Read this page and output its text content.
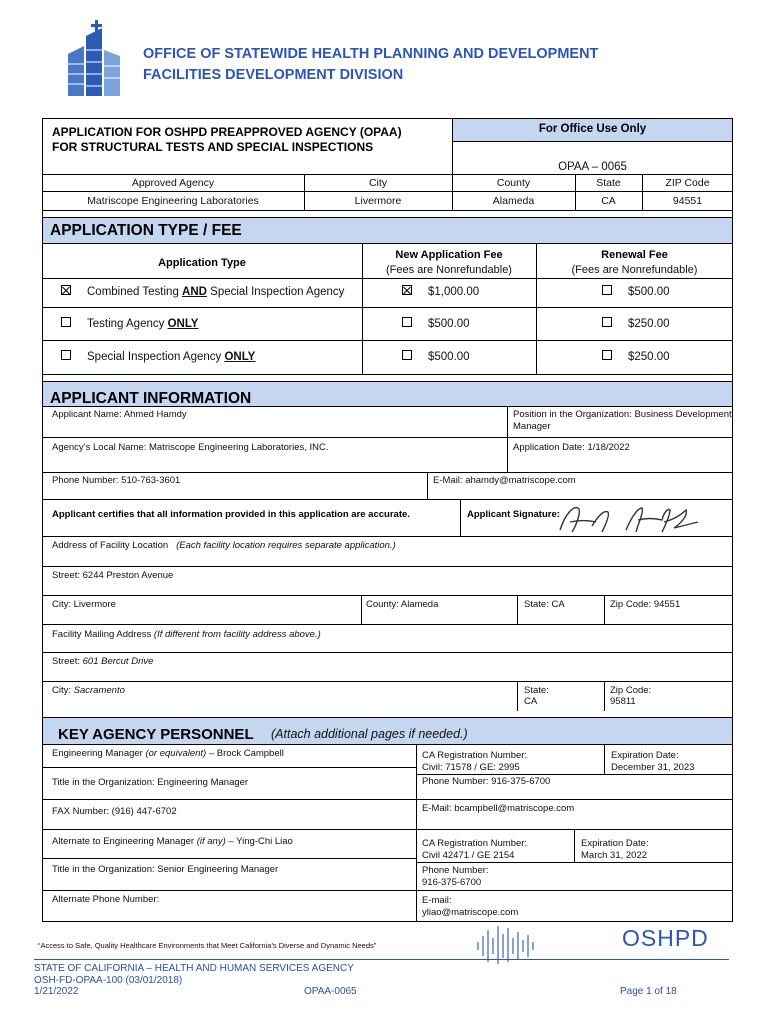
OFFICE OF STATEWIDE HEALTH PLANNING AND DEVELOPMENT
FACILITIES DEVELOPMENT DIVISION
APPLICATION FOR OSHPD PREAPPROVED AGENCY (OPAA)
FOR STRUCTURAL TESTS AND SPECIAL INSPECTIONS
For Office Use Only
OPAA – 0065
Approved Agency	City	County	State	ZIP Code
Matriscope Engineering Laboratories	Livermore	Alameda	CA	94551
APPLICATION TYPE / FEE
Application Type
New Application Fee
(Fees are Nonrefundable)
Renewal Fee
(Fees are Nonrefundable)
Combined Testing AND Special Inspection Agency	$1,000.00	$500.00
Testing Agency ONLY	$500.00	$250.00
Special Inspection Agency ONLY	$500.00	$250.00
APPLICANT INFORMATION
Applicant Name: Ahmed Hamdy	Position in the Organization: Business Development
Manager
Agency’s Local Name: Matriscope Engineering Laboratories, INC.	Application Date: 1/18/2022
Phone Number: 510-763-3601	E-Mail: ahamdy@matriscope.com
Applicant certifies that all information provided in this application are accurate.	Applicant Signature:
Address of Facility Location (Each facility location requires separate application.)
Street: 6244 Preston Avenue
City: Livermore	County: Alameda	State: CA	Zip Code: 94551
Facility Mailing Address (If different from facility address above.)
Street: 601 Bercut Drive
City: Sacramento	State:
CA
Zip Code:
95811
KEY AGENCY PERSONNEL (Attach additional pages if needed.)
Engineering Manager (or equivalent) – Brock Campbell	CA Registration Number:
Civil: 71578 / GE: 2995
Expiration Date:
December 31, 2023
Title in the Organization: Engineering Manager	Phone Number: 916-375-6700
FAX Number: (916) 447-6702	E-Mail: bcampbell@matriscope.com
Alternate to Engineering Manager (if any) – Ying-Chi Liao	CA Registration Number:
Civil 42471 / GE 2154
Expiration Date:
March 31, 2022
Title in the Organization: Senior Engineering Manager	Phone Number:
916-375-6700
Alternate Phone Number:	E-mail:
yliao@matriscope.com
“Access to Safe, Quality Healthcare Environments that Meet California's Diverse and Dynamic Needs”	OSHPD
STATE OF CALIFORNIA – HEALTH AND HUMAN SERVICES AGENCY
OSH-FD-OPAA-100 (03/01/2018)
1/21/2022	OPAA-0065	Page 1 of 18
